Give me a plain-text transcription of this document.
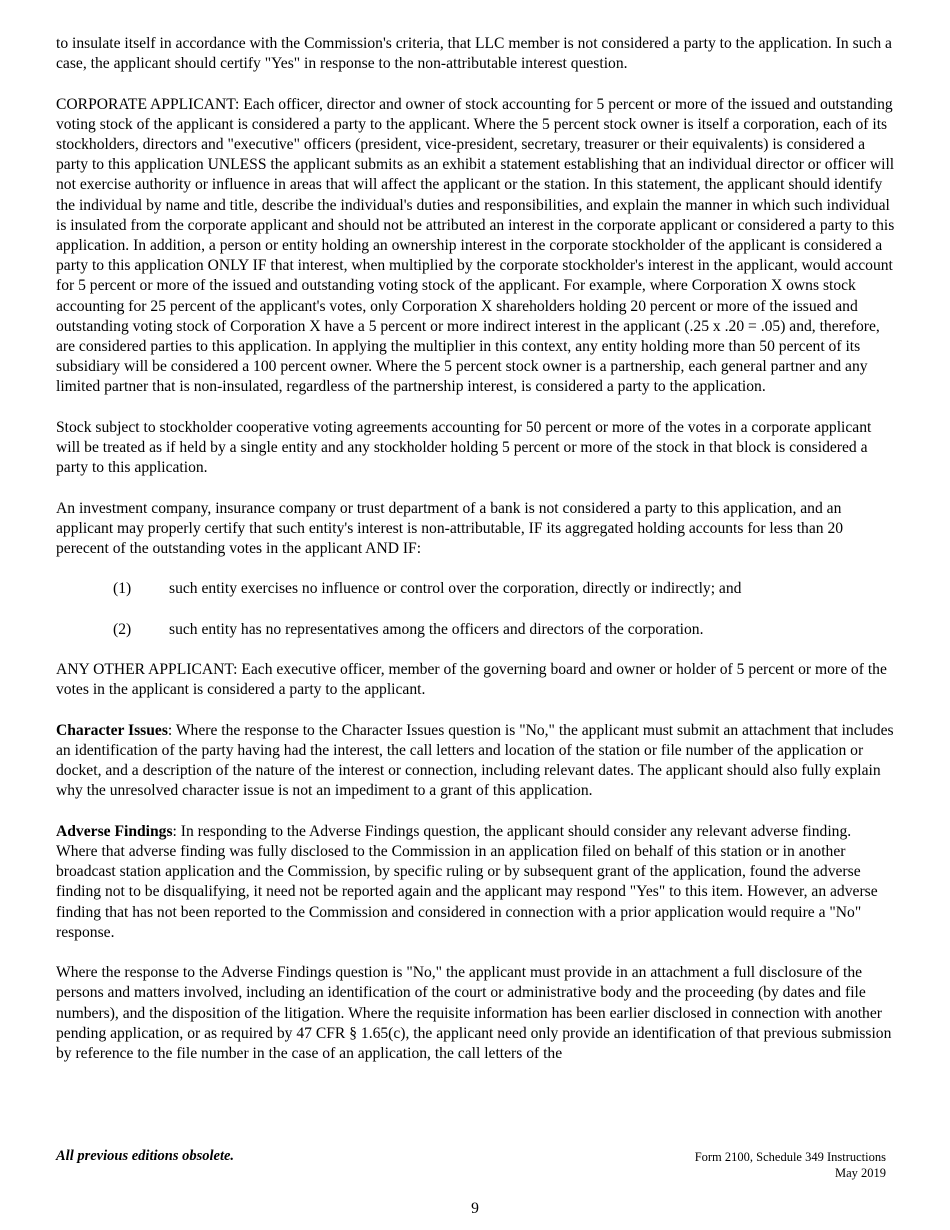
to insulate itself in accordance with the Commission's criteria, that LLC member is not considered a party to the application. In such a case, the applicant should certify "Yes" in response to the non-attributable interest question.

CORPORATE APPLICANT: Each officer, director and owner of stock accounting for 5 percent or more of the issued and outstanding voting stock of the applicant is considered a party to the applicant. Where the 5 percent stock owner is itself a corporation, each of its stockholders, directors and "executive" officers (president, vice-president, secretary, treasurer or their equivalents) is considered a party to this application UNLESS the applicant submits as an exhibit a statement establishing that an individual director or officer will not exercise authority or influence in areas that will affect the applicant or the station. In this statement, the applicant should identify the individual by name and title, describe the individual's duties and responsibilities, and explain the manner in which such individual is insulated from the corporate applicant and should not be attributed an interest in the corporate applicant or considered a party to this application. In addition, a person or entity holding an ownership interest in the corporate stockholder of the applicant is considered a party to this application ONLY IF that interest, when multiplied by the corporate stockholder's interest in the applicant, would account for 5 percent or more of the issued and outstanding voting stock of the applicant. For example, where Corporation X owns stock accounting for 25 percent of the applicant's votes, only Corporation X shareholders holding 20 percent or more of the issued and outstanding voting stock of Corporation X have a 5 percent or more indirect interest in the applicant (.25 x .20 = .05) and, therefore, are considered parties to this application. In applying the multiplier in this context, any entity holding more than 50 percent of its subsidiary will be considered a 100 percent owner. Where the 5 percent stock owner is a partnership, each general partner and any limited partner that is non-insulated, regardless of the partnership interest, is considered a party to the application.

Stock subject to stockholder cooperative voting agreements accounting for 50 percent or more of the votes in a corporate applicant will be treated as if held by a single entity and any stockholder holding 5 percent or more of the stock in that block is considered a party to this application.

An investment company, insurance company or trust department of a bank is not considered a party to this application, and an applicant may properly certify that such entity's interest is non-attributable, IF its aggregated holding accounts for less than 20 perecent of the outstanding votes in the applicant AND IF:

(1)	such entity exercises no influence or control over the corporation, directly or indirectly; and
(2)	such entity has no representatives among the officers and directors of the corporation.

ANY OTHER APPLICANT: Each executive officer, member of the governing board and owner or holder of 5 percent or more of the votes in the applicant is considered a party to the applicant.

Character Issues: Where the response to the Character Issues question is "No," the applicant must submit an attachment that includes an identification of the party having had the interest, the call letters and location of the station or file number of the application or docket, and a description of the nature of the interest or connection, including relevant dates. The applicant should also fully explain why the unresolved character issue is not an impediment to a grant of this application.

Adverse Findings: In responding to the Adverse Findings question, the applicant should consider any relevant adverse finding. Where that adverse finding was fully disclosed to the Commission in an application filed on behalf of this station or in another broadcast station application and the Commission, by specific ruling or by subsequent grant of the application, found the adverse finding not to be disqualifying, it need not be reported again and the applicant may respond "Yes" to this item. However, an adverse finding that has not been reported to the Commission and considered in connection with a prior application would require a "No" response.

Where the response to the Adverse Findings question is "No," the applicant must provide in an attachment a full disclosure of the persons and matters involved, including an identification of the court or administrative body and the proceeding (by dates and file numbers), and the disposition of the litigation. Where the requisite information has been earlier disclosed in connection with another pending application, or as required by 47 CFR § 1.65(c), the applicant need only provide an identification of that previous submission by reference to the file number in the case of an application, the call letters of the

All previous editions obsolete.	Form 2100, Schedule 349 Instructions
May 2019
9
